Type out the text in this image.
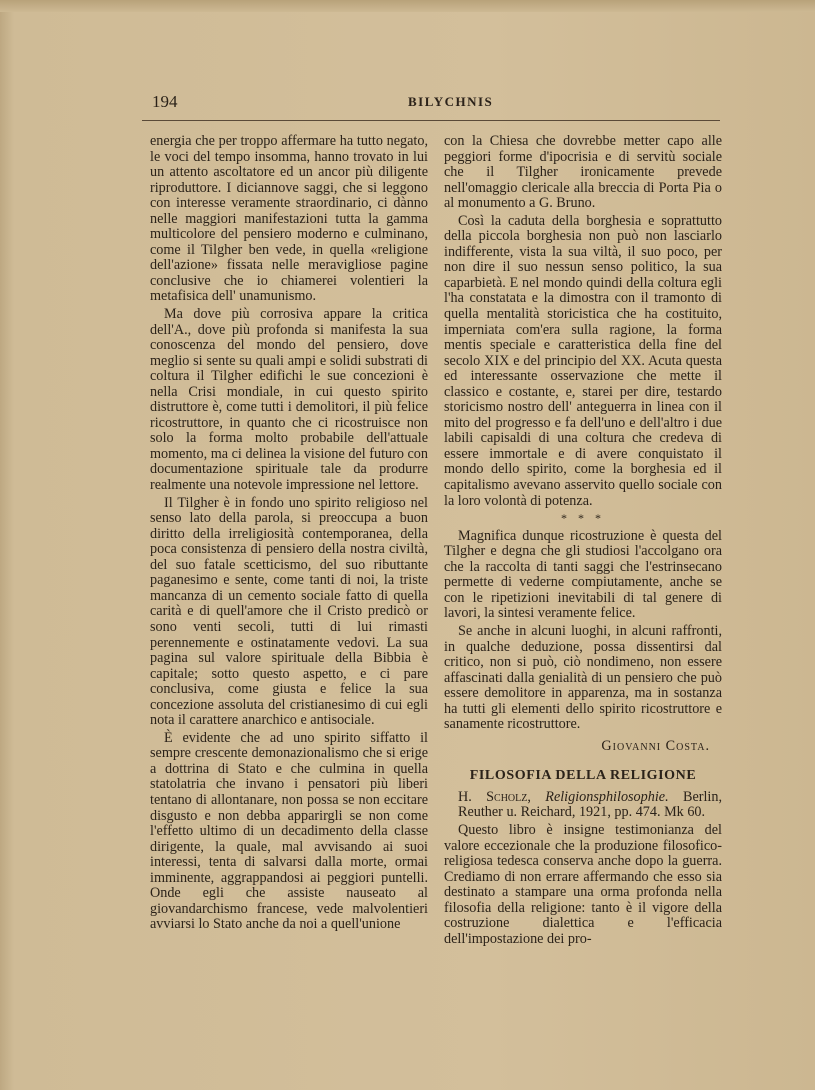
194	BILYCHNIS

energia che per troppo affermare ha tutto negato, le voci del tempo insomma, hanno trovato in lui un attento ascoltatore ed un ancor più diligente riproduttore. I diciannove saggi, che si leggono con interesse veramente straordinario, ci dànno nelle maggiori manifestazioni tutta la gamma multicolore del pensiero moderno e culminano, come il Tilgher ben vede, in quella «religione dell'azione» fissata nelle meravigliose pagine conclusive che io chiamerei volentieri la metafisica dell' unamunismo.

Ma dove più corrosiva appare la critica dell'A., dove più profonda si manifesta la sua conoscenza del mondo del pensiero, dove meglio si sente su quali ampi e solidi substrati di coltura il Tilgher edifichi le sue concezioni è nella Crisi mondiale, in cui questo spirito distruttore è, come tutti i demolitori, il più felice ricostruttore, in quanto che ci ricostruisce non solo la forma molto probabile dell'attuale momento, ma ci delinea la visione del futuro con documentazione spirituale tale da produrre realmente una notevole impressione nel lettore.

Il Tilgher è in fondo uno spirito religioso nel senso lato della parola, si preoccupa a buon diritto della irreligiosità contemporanea, della poca consistenza di pensiero della nostra civiltà, del suo fatale scetticismo, del suo ributtante paganesimo e sente, come tanti di noi, la triste mancanza di un cemento sociale fatto di quella carità e di quell'amore che il Cristo predicò or sono venti secoli, tutti di lui rimasti perennemente e ostinatamente vedovi. La sua pagina sul valore spirituale della Bibbia è capitale; sotto questo aspetto, e ci pare conclusiva, come giusta e felice la sua concezione assoluta del cristianesimo di cui egli nota il carattere anarchico e antisociale.

È evidente che ad uno spirito siffatto il sempre crescente demonazionalismo che si erige a dottrina di Stato e che culmina in quella statolatria che invano i pensatori più liberi tentano di allontanare, non possa se non eccitare disgusto e non debba apparirgli se non come l'effetto ultimo di un decadimento della classe dirigente, la quale, mal avvisando ai suoi interessi, tenta di salvarsi dalla morte, ormai imminente, aggrappandosi ai peggiori puntelli. Onde egli che assiste nauseato al giovandarchismo francese, vede malvolentieri avviarsi lo Stato anche da noi a quell'unione

con la Chiesa che dovrebbe metter capo alle peggiori forme d'ipocrisia e di servitù sociale che il Tilgher ironicamente prevede nell'omaggio clericale alla breccia di Porta Pia o al monumento a G. Bruno.

Così la caduta della borghesia e soprattutto della piccola borghesia non può non lasciarlo indifferente, vista la sua viltà, il suo poco, per non dire il suo nessun senso politico, la sua caparbietà. E nel mondo quindi della coltura egli l'ha constatata e la dimostra con il tramonto di quella mentalità storicistica che ha costituito, imperniata com'era sulla ragione, la forma mentis speciale e caratteristica della fine del secolo XIX e del principio del XX. Acuta questa ed interessante osservazione che mette il classico e costante, e, starei per dire, testardo storicismo nostro dell' anteguerra in linea con il mito del progresso e fa dell'uno e dell'altro i due labili capisaldi di una coltura che credeva di essere immortale e di avere conquistato il mondo dello spirito, come la borghesia ed il capitalismo avevano asservito quello sociale con la loro volontà di potenza.

* * *

Magnifica dunque ricostruzione è questa del Tilgher e degna che gli studiosi l'accolgano ora che la raccolta di tanti saggi che l'estrinsecano permette di vederne compiutamente, anche se con le ripetizioni inevitabili di tal genere di lavori, la sintesi veramente felice.

Se anche in alcuni luoghi, in alcuni raffronti, in qualche deduzione, possa dissentirsi dal critico, non si può, ciò nondimeno, non essere affascinati dalla genialità di un pensiero che può essere demolitore in apparenza, ma in sostanza ha tutti gli elementi dello spirito ricostruttore e sanamente ricostruttore.

Giovanni Costa.
FILOSOFIA DELLA RELIGIONE

H. Scholz, Religionsphilosophie. Berlin, Reuther u. Reichard, 1921, pp. 474. Mk 60.

Questo libro è insigne testimonianza del valore eccezionale che la produzione filosofico-religiosa tedesca conserva anche dopo la guerra. Crediamo di non errare affermando che esso sia destinato a stampare una orma profonda nella filosofia della religione: tanto è il vigore della costruzione dialettica e l'efficacia dell'impostazione dei pro-
